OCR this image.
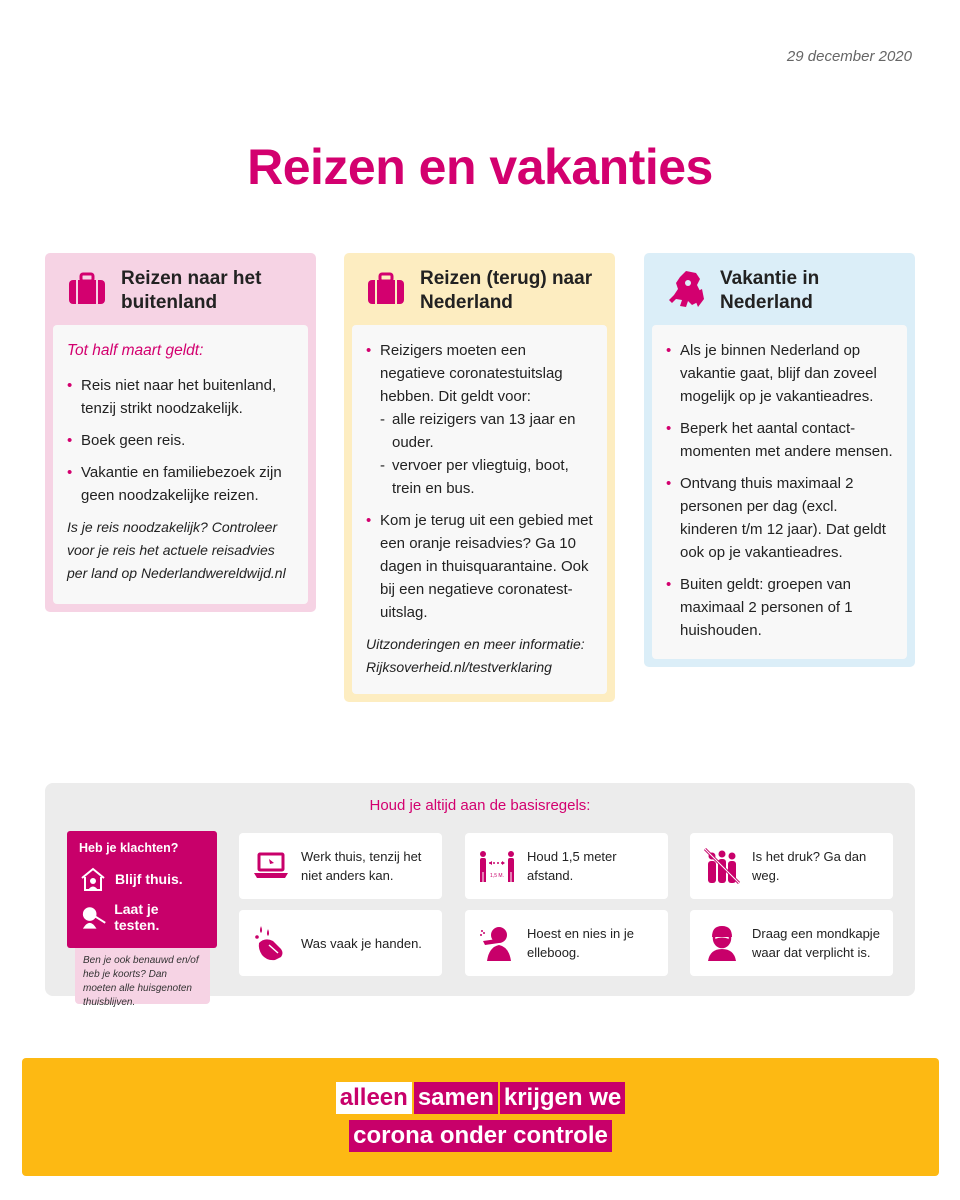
29 december 2020
Reizen en vakanties
Reizen naar het
buitenland
Tot half maart geldt:
• Reis niet naar het buitenland, tenzij strikt noodzakelijk.
• Boek geen reis.
• Vakantie en familiebezoek zijn geen noodzakelijke reizen.
Is je reis noodzakelijk? Controleer voor je reis het actuele reisadvies per land op Nederlandwereldwijd.nl
Reizen (terug) naar
Nederland
• Reizigers moeten een negatieve coronatestuitslag hebben. Dit geldt voor:
- alle reizigers van 13 jaar en ouder.
- vervoer per vliegtuig, boot, trein en bus.
• Kom je terug uit een gebied met een oranje reisadvies? Ga 10 dagen in thuisquarantaine. Ook bij een negatieve coronatest-uitslag.
Uitzonderingen en meer informatie: Rijksoverheid.nl/testverklaring
Vakantie in
Nederland
• Als je binnen Nederland op vakantie gaat, blijf dan zoveel mogelijk op je vakantieadres.
• Beperk het aantal contact-momenten met andere mensen.
• Ontvang thuis maximaal 2 personen per dag (excl. kinderen t/m 12 jaar). Dat geldt ook op je vakantieadres.
• Buiten geldt: groepen van maximaal 2 personen of 1 huishouden.
Houd je altijd aan de basisregels:
Heb je klachten?
Blijf thuis.
Laat je testen.
Ben je ook benauwd en/of heb je koorts? Dan moeten alle huisgenoten thuisblijven.
Werk thuis, tenzij het niet anders kan.	1,5 M.
Houd 1,5 meter afstand.
Is het druk? Ga dan weg.
Was vaak je handen.
Hoest en nies in je elleboog.
Draag een mondkapje waar dat verplicht is.
alleen samen krijgen we
corona onder controle
